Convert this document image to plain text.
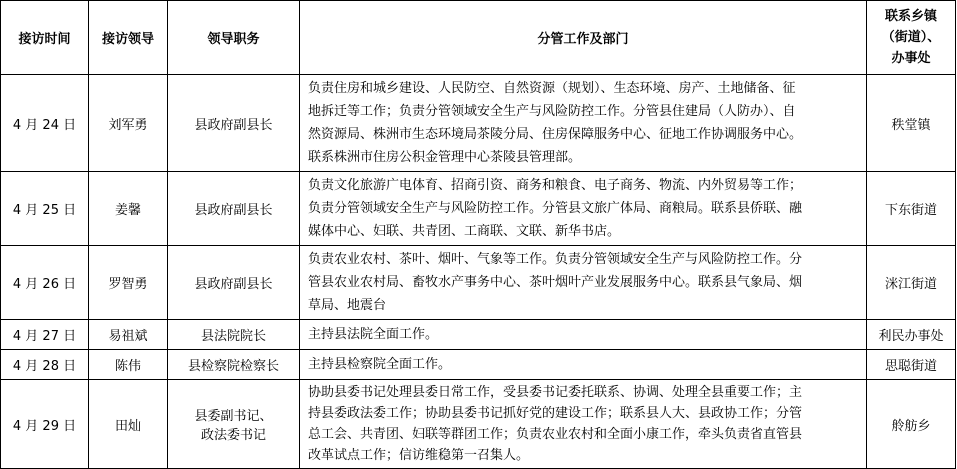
接访时间	接访领导	领导职务	分管工作及部门	联系乡镇
（街道）、
办事处

4 月 24 日	刘军勇	县政府副县长	负责住房和城乡建设、人民防空、自然资源（规划）、生态环境、房产、土地储备、征
地拆迁等工作；负责分管领域安全生产与风险防控工作。分管县住建局（人防办）、自
然资源局、株洲市生态环境局茶陵分局、住房保障服务中心、征地工作协调服务中心。
联系株洲市住房公积金管理中心茶陵县管理部。	秩堂镇
4 月 25 日	姜馨	县政府副县长	负责文化旅游广电体育、招商引资、商务和粮食、电子商务、物流、内外贸易等工作；
负责分管领域安全生产与风险防控工作。分管县文旅广体局、商粮局。联系县侨联、融
媒体中心、妇联、共青团、工商联、文联、新华书店。	下东街道
4 月 26 日	罗智勇	县政府副县长	负责农业农村、茶叶、烟叶、气象等工作。负责分管领域安全生产与风险防控工作。分
管县农业农村局、畜牧水产事务中心、茶叶烟叶产业发展服务中心。联系县气象局、烟
草局、地震台	洣江街道
4 月 27 日	易祖斌	县法院院长	主持县法院全面工作。	利民办事处
4 月 28 日	陈伟	县检察院检察长	主持县检察院全面工作。	思聪街道
4 月 29 日	田灿	县委副书记、
政法委书记	协助县委书记处理县委日常工作，受县委书记委托联系、协调、处理全县重要工作；主
持县委政法委工作；协助县委书记抓好党的建设工作；联系县人大、县政协工作；分管
总工会、共青团、妇联等群团工作；负责农业农村和全面小康工作，牵头负责省直管县
改革试点工作；信访维稳第一召集人。	舲舫乡
